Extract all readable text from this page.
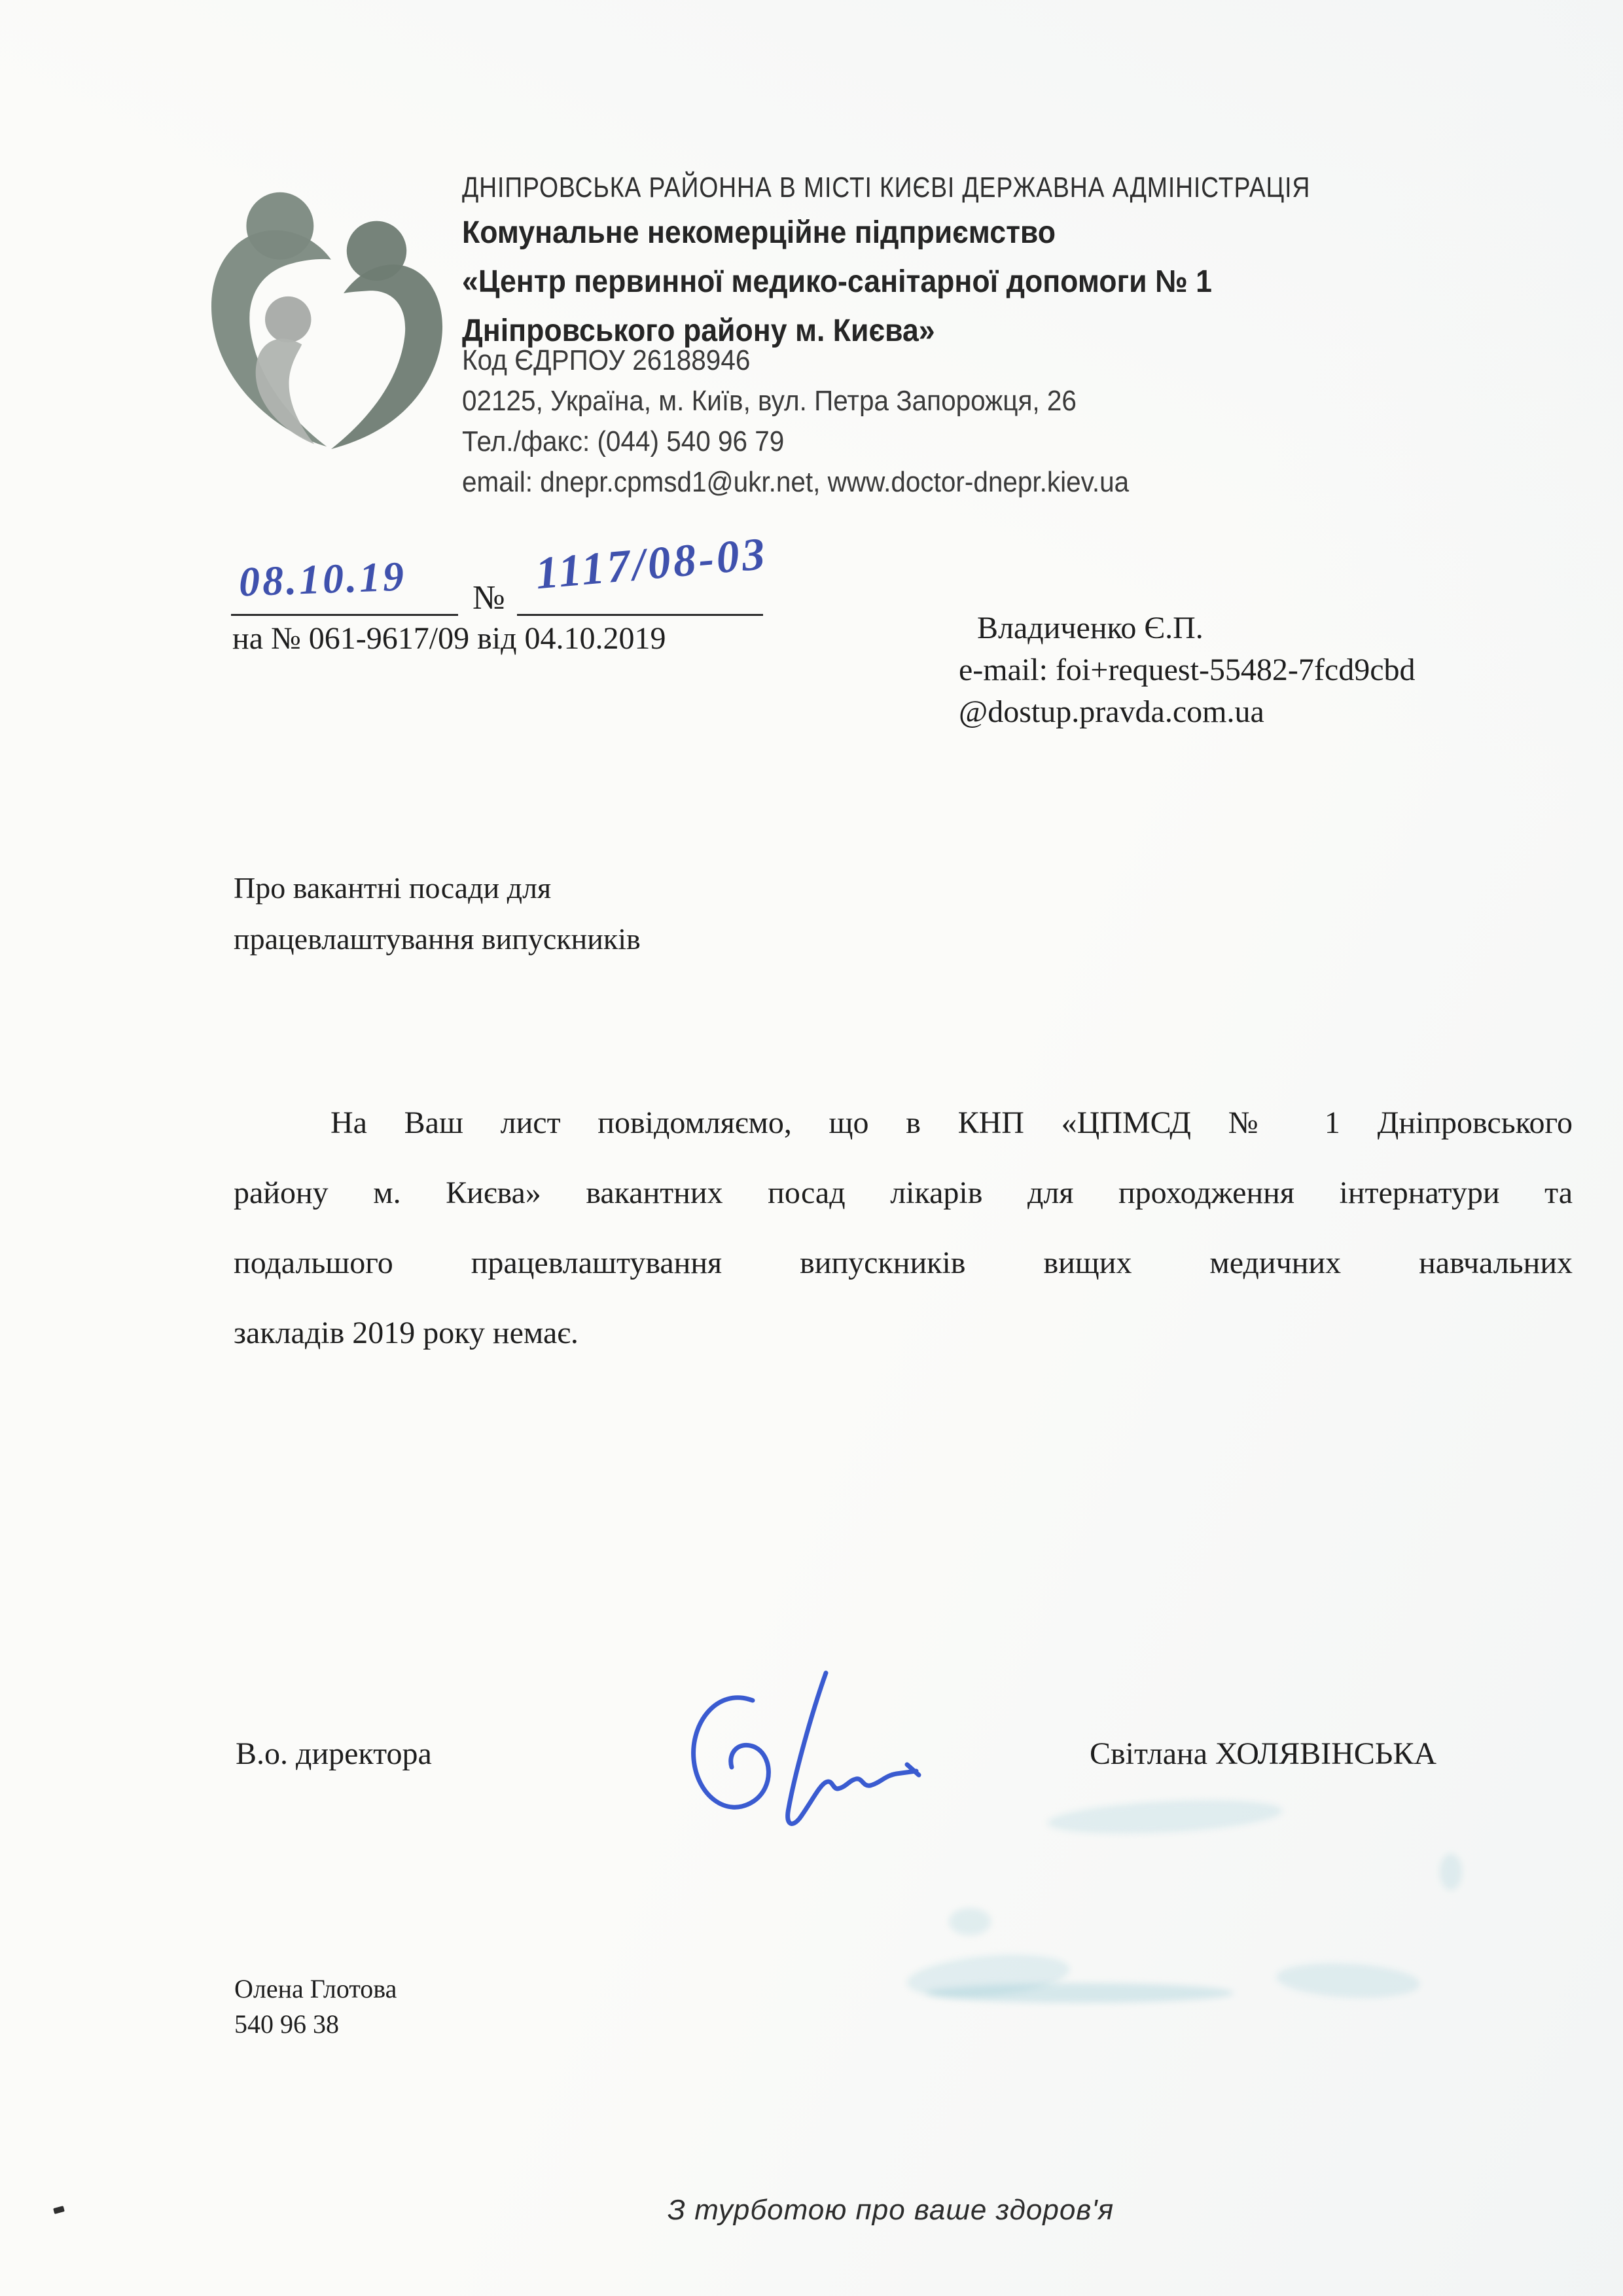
ДНІПРОВСЬКА РАЙОННА В МІСТІ КИЄВІ ДЕРЖАВНА АДМІНІСТРАЦІЯ
Комунальне некомерційне підприємство
«Центр первинної медико-санітарної допомоги № 1
Дніпровського району м. Києва»
Код ЄДРПОУ 26188946
02125, Україна, м. Київ, вул. Петра Запорожця, 26
Тел./факс: (044) 540 96 79
email: dnepr.cpmsd1@ukr.net, www.doctor-dnepr.kiev.ua
08.10.19 № 1117/08-03
на № 061-9617/09 від 04.10.2019	Владиченко Є.П.
e-mail: foi+request-55482-7fcd9cbd
@dostup.pravda.com.ua
Про вакантні посади для
працевлаштування випускників
На Ваш лист повідомляємо, що в КНП «ЦПМСД № 1 Дніпровського
району м. Києва» вакантних посад лікарів для проходження інтернатури та
подальшого працевлаштування випускників вищих медичних навчальних
закладів 2019 року немає.
В.о. директора	Світлана ХОЛЯВІНСЬКА
Олена Глотова
540 96 38
З турботою про ваше здоров'я
